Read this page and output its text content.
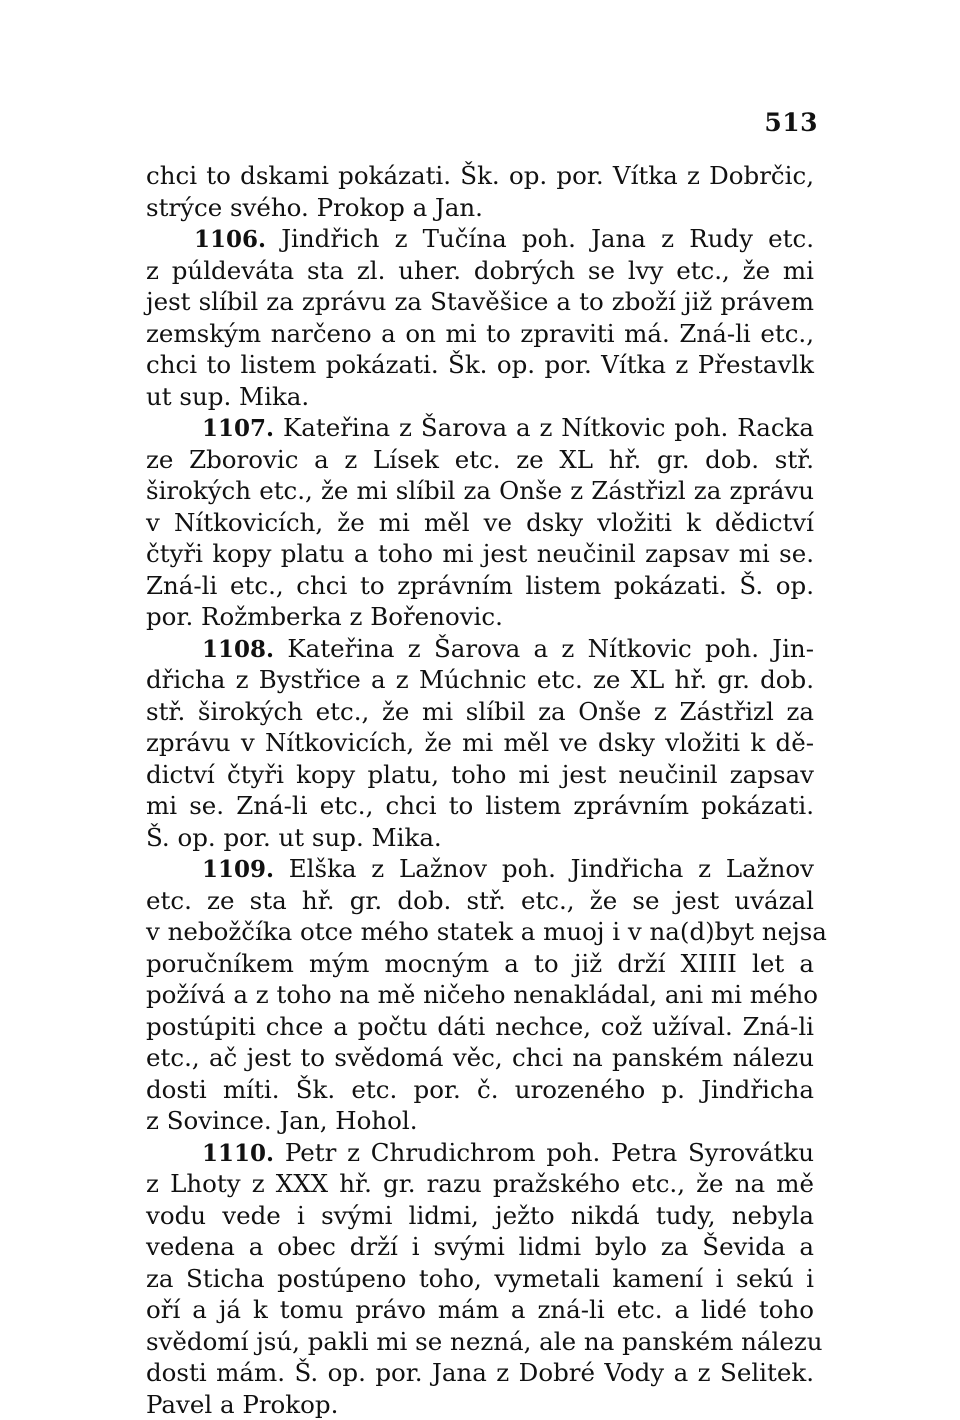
513
chci to dskami pokázati. Šk. op. por. Vítka z Dobrčic,
strýce svého. Prokop a Jan.
1106. Jindřich z Tučína poh. Jana z Rudy etc.
z púldeváta sta zl. uher. dobrých se lvy etc., že mi
jest slíbil za zprávu za Stavěšice a to zboží již právem
zemským narčeno a on mi to zpraviti má. Zná-li etc.,
chci to listem pokázati. Šk. op. por. Vítka z Přestavlk
ut sup. Mika.
1107. Kateřina z Šarova a z Nítkovic poh. Racka
ze Zborovic a z Lísek etc. ze XL hř. gr. dob. stř.
širokých etc., že mi slíbil za Onše z Zástřizl za zprávu
v Nítkovicích, že mi měl ve dsky vložiti k dědictví
čtyři kopy platu a toho mi jest neučinil zapsav mi se.
Zná-li etc., chci to zprávním listem pokázati. Š. op.
por. Rožmberka z Bořenovic.
1108. Kateřina z Šarova a z Nítkovic poh. Jin-
dřicha z Bystřice a z Múchnic etc. ze XL hř. gr. dob.
stř. širokých etc., že mi slíbil za Onše z Zástřizl za
zprávu v Nítkovicích, že mi měl ve dsky vložiti k dě-
dictví čtyři kopy platu, toho mi jest neučinil zapsav
mi se. Zná-li etc., chci to listem zprávním pokázati.
Š. op. por. ut sup. Mika.
1109. Elška z Lažnov poh. Jindřicha z Lažnov
etc. ze sta hř. gr. dob. stř. etc., že se jest uvázal
v nebožčíka otce mého statek a muoj i v na(d)byt nejsa
poručníkem mým mocným a to již drží XIIII let a
požívá a z toho na mě ničeho nenakládal, ani mi mého
postúpiti chce a počtu dáti nechce, což užíval. Zná-li
etc., ač jest to svědomá věc, chci na panském nálezu
dosti míti. Šk. etc. por. č. urozeného p. Jindřicha
z Sovince. Jan, Hohol.
1110. Petr z Chrudichrom poh. Petra Syrovátku
z Lhoty z XXX hř. gr. razu pražského etc., že na mě
vodu vede i svými lidmi, ježto nikdá tudy, nebyla
vedena a obec drží i svými lidmi bylo za Ševida a
za Sticha postúpeno toho, vymetali kamení i sekú i
oří a já k tomu právo mám a zná-li etc. a lidé toho
svědomí jsú, pakli mi se nezná, ale na panském nálezu
dosti mám. Š. op. por. Jana z Dobré Vody a z Selitek.
Pavel a Prokop.
